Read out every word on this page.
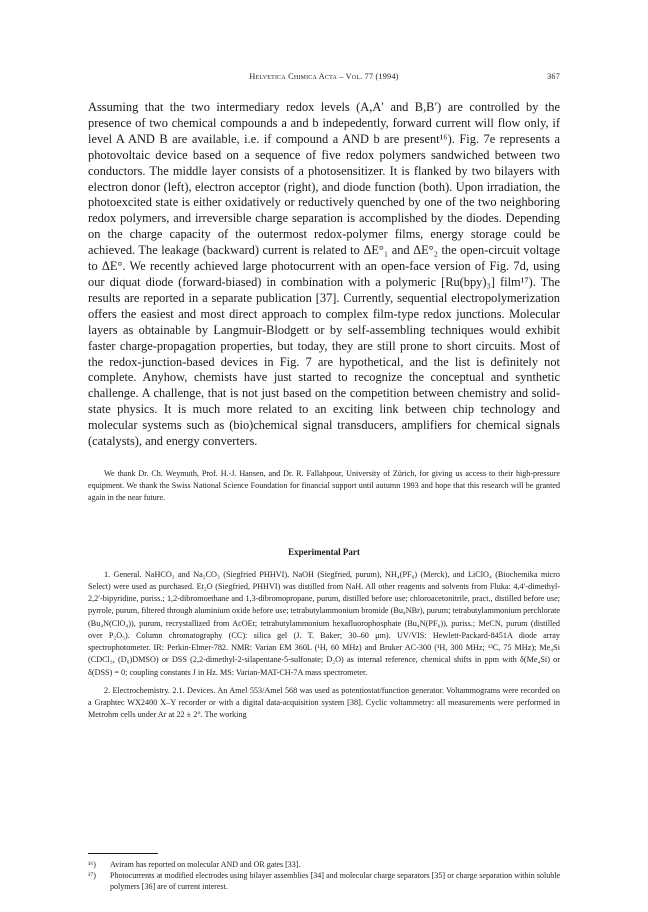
Helvetica Chimica Acta – Vol. 77 (1994)	367

Assuming that the two intermediary redox levels (A,A′ and B,B′) are controlled by the presence of two chemical compounds a and b indepedently, forward current will flow only, if level A AND B are available, i.e. if compound a AND b are present¹⁶). Fig. 7e represents a photovoltaic device based on a sequence of five redox polymers sandwiched between two conductors. The middle layer consists of a photosensitizer. It is flanked by two bilayers with electron donor (left), electron acceptor (right), and diode function (both). Upon irradiation, the photoexcited state is either oxidatively or reductively quenched by one of the two neighboring redox polymers, and irreversible charge separation is accomplished by the diodes. Depending on the charge capacity of the outermost redox-polymer films, energy storage could be achieved. The leakage (backward) current is related to ΔE°₁ and ΔE°₂ the open-circuit voltage to ΔE°. We recently achieved large photocurrent with an open-face version of Fig. 7d, using our diquat diode (forward-biased) in combination with a polymeric [Ru(bpy)₃] film¹⁷). The results are reported in a separate publication [37]. Currently, sequential electropolymerization offers the easiest and most direct approach to complex film-type redox junctions. Molecular layers as obtainable by Langmuir-Blodgett or by self-assembling techniques would exhibit faster charge-propagation properties, but today, they are still prone to short circuits. Most of the redox-junction-based devices in Fig. 7 are hypothetical, and the list is definitely not complete. Anyhow, chemists have just started to recognize the conceptual and synthetic challenge. A challenge, that is not just based on the competition between chemistry and solid-state physics. It is much more related to an exciting link between chip technology and molecular systems such as (bio)chemical signal transducers, amplifiers for chemical signals (catalysts), and energy converters.

We thank Dr. Ch. Weymuth, Prof. H.-J. Hansen, and Dr. R. Fallahpour, University of Zürich, for giving us access to their high-pressure equipment. We thank the Swiss National Science Foundation for financial support until autumn 1993 and hope that this research will be granted again in the near future.

Experimental Part

1. General. NaHCO₃ and Na₂CO₃ (Siegfried PHHVI), NaOH (Siegfried, purum), NH₄(PF₆) (Merck), and LiClO₄ (Biochemika micro Select) were used as purchased. Et₂O (Siegfried, PHHVI) was distilled from NaH. All other reagents and solvents from Fluka: 4,4′-dimethyl-2,2′-bipyridine, puriss.; 1,2-dibromoethane and 1,3-dibromopropane, purum, distilled before use; chloroacetonitrile, pract., distilled before use; pyrrole, purum, filtered through aluminium oxide before use; tetrabutylammonium bromide (Bu₄NBr), purum; tetrabutylammonium perchlorate (Bu₄N(ClO₄)), purum, recrystallized from AcOEt; tetrabutylammonium hexafluorophosphate (Bu₄N(PF₆)), puriss.; MeCN, purum (distilled over P₂O₅). Column chromatography (CC): silica gel (J. T. Baker; 30–60 μm). UV/VIS: Hewlett-Packard-8451A diode array spectrophotometer. IR: Perkin-Elmer-782. NMR: Varian EM 360L (¹H, 60 MHz) and Bruker AC-300 (¹H, 300 MHz; ¹³C, 75 MHz); Me₄Si (CDCl₃, (D₆)DMSO) or DSS (2,2-dimethyl-2-silapentane-5-sulfonate; D₂O) as internal reference, chemical shifts in ppm with δ(Me₄Si) or δ(DSS) = 0; coupling constants J in Hz. MS: Varian-MAT-CH-7A mass spectrometer.

2. Electrochemistry. 2.1. Devices. An Amel 553/Amel 568 was used as potentiostat/function generator. Voltammograms were recorded on a Graphtec WX2400 X–Y recorder or with a digital data-acquisition system [38]. Cyclic voltammetry: all measurements were performed in Metrohm cells under Ar at 22 ± 2°. The working

¹⁶)	Aviram has reported on molecular AND and OR gates [33].
¹⁷)	Photocurrents at modified electrodes using bilayer assemblies [34] and molecular charge separators [35] or charge separation within soluble polymers [36] are of current interest.
